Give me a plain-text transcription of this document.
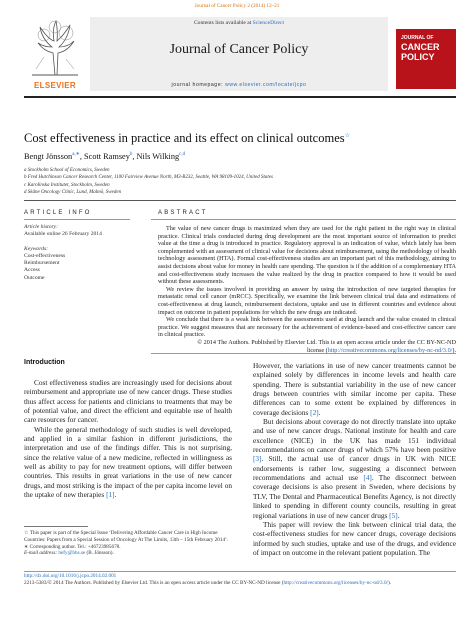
Journal of Cancer Policy 2 (2014) 12–21
ELSEVIER
Contents lists available at ScienceDirect
Journal of Cancer Policy
journal homepage: www.elsevier.com/locate/jcpo
JOURNAL OF
CANCER
POLICY
Cost effectiveness in practice and its effect on clinical outcomes☆
Bengt Jönsson$^{a,∗}$, Scott Ramsey$^b$, Nils Wilking$^{c,d}$
a Stockholm School of Economics, Sweden
b Fred Hutchinson Cancer Research Center, 1100 Fairview Avenue North, M3-B232, Seattle, WA 98109-1024, United States
c Karolinska Institutet, Stockholm, Sweden
d Skåne Oncology Clinic, Lund, Malmö, Sweden
ARTICLE INFO	ABSTRACT
Article history:
Available online 26 February 2014
Keywords:
Cost-effectiveness
Reimbursement
Access
Outcome

The value of new cancer drugs is maximized when they are used for the right patient in the right way in clinical practice. Clinical trials conducted during drug development are the most important source of information to predict value at the time a drug is introduced in practice. Regulatory approval is an indication of value, which lately has been complemented with an assessment of clinical value for decisions about reimbursement, using the methodology of health technology assessment (HTA). Formal cost-effectiveness studies are an important part of this methodology, aiming to assist decisions about value for money in health care spending. The question is if the addition of a complementary HTA and cost-effectiveness study increases the value realized by the drug in practice compared to how it would be used without these assessments.

We review the issues involved in providing an answer by using the introduction of new targeted therapies for metastatic renal cell cancer (mRCC). Specifically, we examine the link between clinical trial data and estimations of cost-effectiveness at drug launch, reimbursement decisions, uptake and use in different countries and evidence about impact on outcome in patient populations for which the new drugs are indicated.

We conclude that there is a weak link between the assessments used at drug launch and the value created in clinical practice. We suggest measures that are necessary for the achievement of evidence-based and cost-effective cancer care in clinical practice.

© 2014 The Authors. Published by Elsevier Ltd. This is an open access article under the CC BY-NC-ND

license (http://creativecommons.org/licenses/by-nc-nd/3.0/).

Introduction

Cost effectiveness studies are increasingly used for decisions about reimbursement and appropriate use of new cancer drugs. These studies thus affect access for patients and clinicians to treatments that may be of potential value, and direct the efficient and equitable use of health care resources for cancer.

While the general methodology of such studies is well developed, and applied in a similar fashion in different jurisdictions, the interpretation and use of the findings differ. This is not surprising, since the relative value of a new medicine, reflected in willingness as well as ability to pay for new treatment options, will differ between countries. This results in great variations in the use of new cancer drugs, and most striking is the impact of the per capita income level on the uptake of new therapies [1].

However, the variations in use of new cancer treatments cannot be explained solely by differences in income levels and health care spending. There is substantial variability in the use of new cancer drugs between countries with similar income per capita. These differences can to some extent be explained by differences in coverage decisions [2].

But decisions about coverage do not directly translate into uptake and use of new cancer drugs. National institute for health and care excellence (NICE) in the UK has made 151 individual recommendations on cancer drugs of which 57% have been positive [3]. Still, the actual use of cancer drugs in UK with NICE endorsements is rather low, suggesting a disconnect between recommendations and actual use [4]. The disconnect between coverage decisions is also present in Sweden, where decisions by TLV, The Dental and Pharmaceutical Benefits Agency, is not directly linked to spending in different county councils, resulting in great regional variations in use of new cancer drugs [5].

This paper will review the link between clinical trial data, the cost-effectiveness studies for new cancer drugs, coverage decisions informed by such studies, uptake and use of the drugs, and evidence of impact on outcome in the relevant patient population. The

☆ This paper is part of the Special Issue ‘Delivering Affordable Cancer Care in High Income Countries: Papers from a Special Session of Oncology At The Limits, 13th – 15th February 2014’.
∗ Corresponding author. Tel.: +46723985678.
E-mail address: hefy@hhs.se (B. Jönsson).
http://dx.doi.org/10.1016/j.jcpo.2014.02.001
2213-5383/© 2014 The Authors. Published by Elsevier Ltd. This is an open access article under the CC BY-NC-ND license (http://creativecommons.org/licenses/by-nc-nd/3.0/).
